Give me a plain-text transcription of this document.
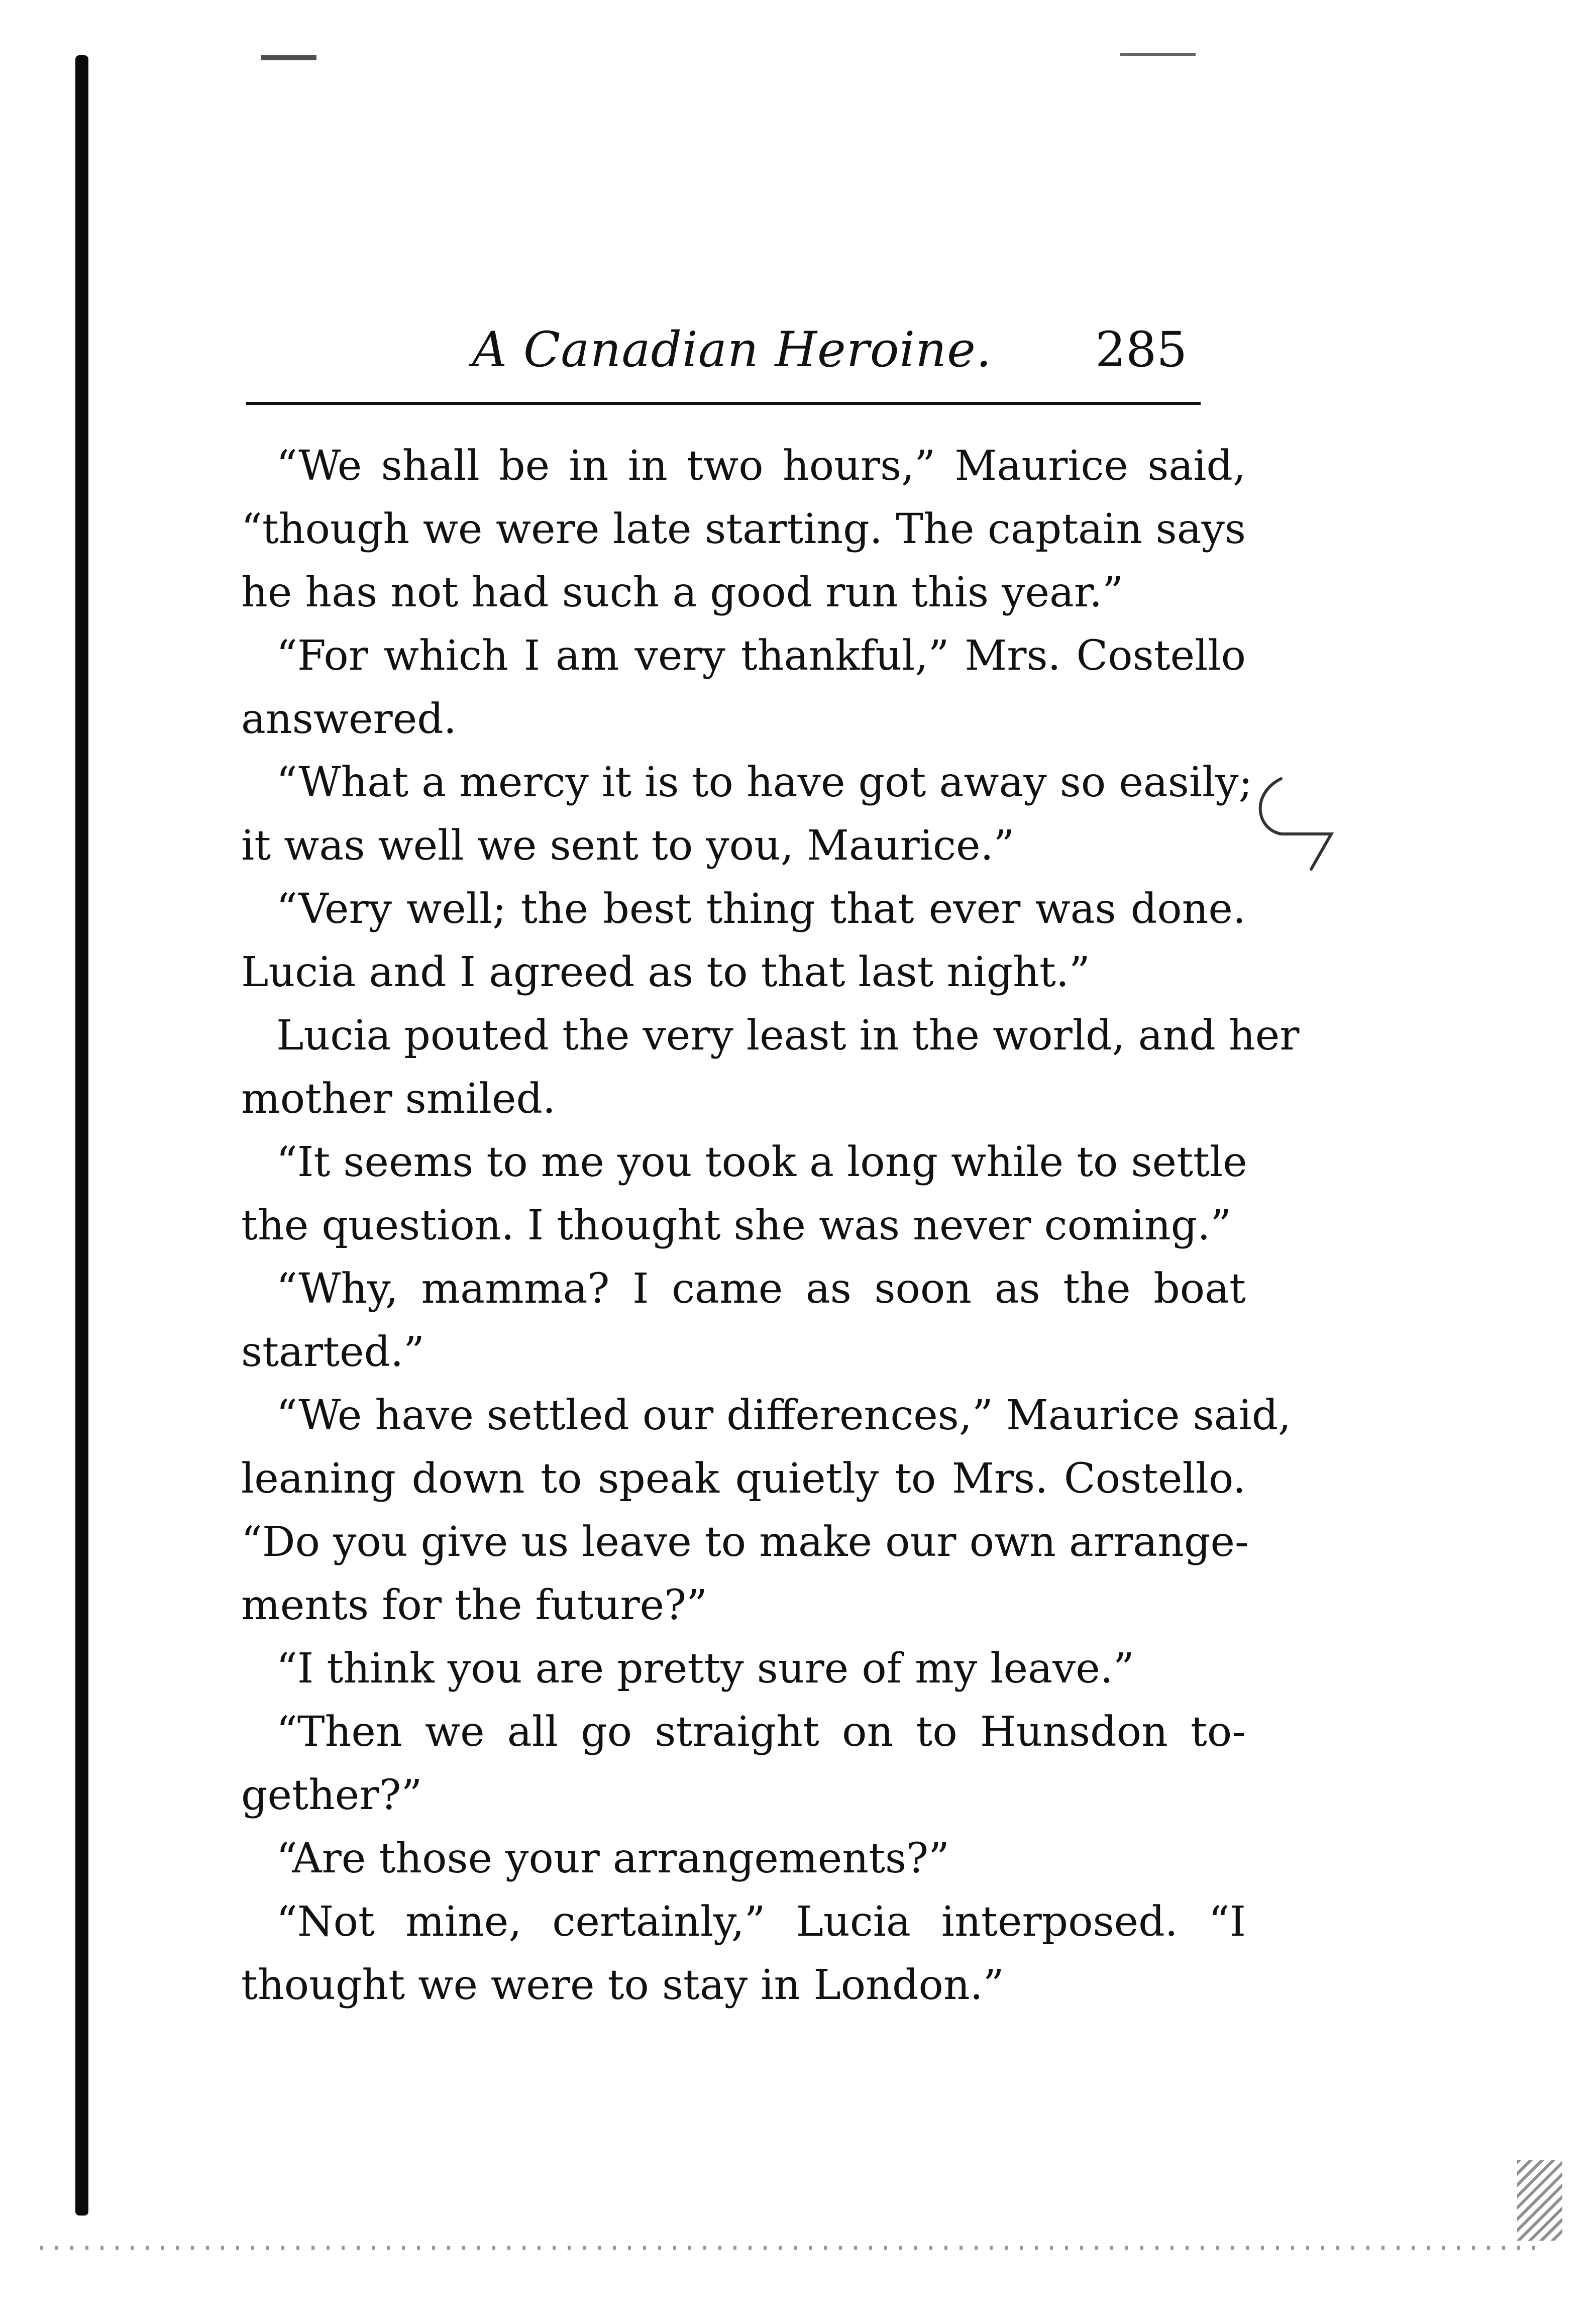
A Canadian Heroine. 285
“We shall be in in two hours,” Maurice said,
“though we were late starting. The captain says
he has not had such a good run this year.”
“For which I am very thankful,” Mrs. Costello
answered.
“What a mercy it is to have got away so easily;
it was well we sent to you, Maurice.”
“Very well; the best thing that ever was done.
Lucia and I agreed as to that last night.”
Lucia pouted the very least in the world, and her
mother smiled.
“It seems to me you took a long while to settle
the question. I thought she was never coming.”
“Why, mamma? I came as soon as the boat
started.”
“We have settled our differences,” Maurice said,
leaning down to speak quietly to Mrs. Costello.
“Do you give us leave to make our own arrange-
ments for the future?”
“I think you are pretty sure of my leave.”
“Then we all go straight on to Hunsdon to-
gether?”
“Are those your arrangements?”
“Not mine, certainly,” Lucia interposed. “I
thought we were to stay in London.”
